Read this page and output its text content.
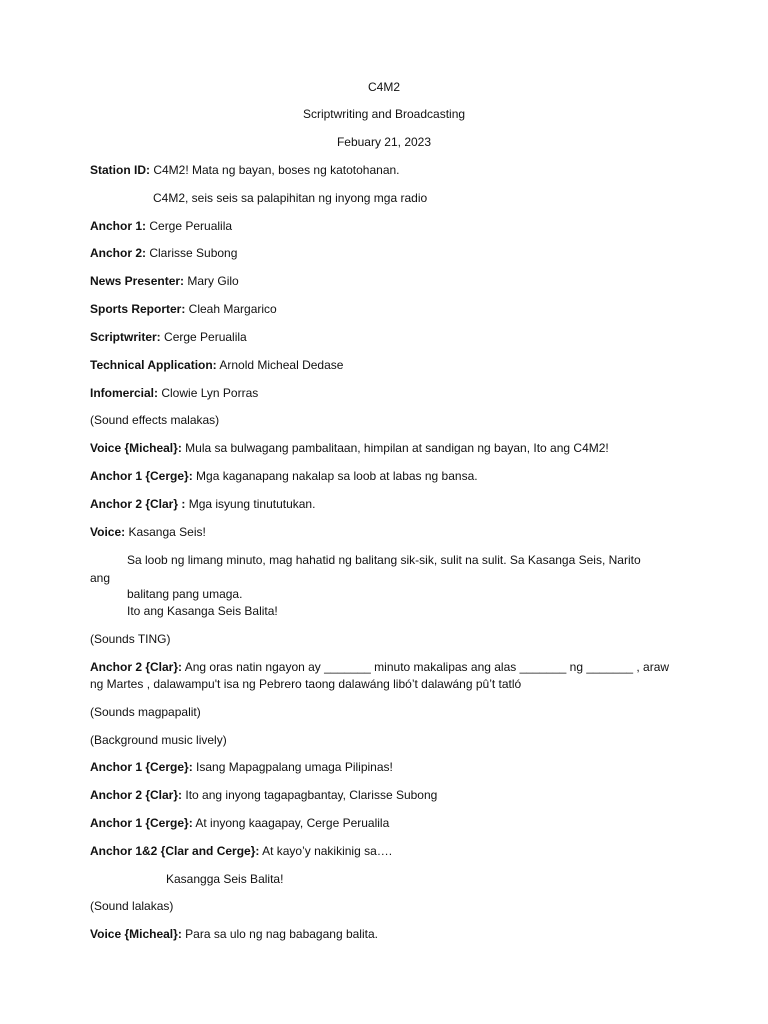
C4M2
Scriptwriting and Broadcasting
Febuary 21, 2023
Station ID: C4M2! Mata ng bayan, boses ng katotohanan.
C4M2, seis seis sa palapihitan ng inyong mga radio
Anchor 1: Cerge Perualila
Anchor 2: Clarisse Subong
News Presenter: Mary Gilo
Sports Reporter: Cleah Margarico
Scriptwriter: Cerge Perualila
Technical Application: Arnold Micheal Dedase
Infomercial: Clowie Lyn Porras
(Sound effects malakas)
Voice {Micheal}: Mula sa bulwagang pambalitaan, himpilan at sandigan ng bayan, Ito ang C4M2!
Anchor 1 {Cerge}: Mga kaganapang nakalap sa loob at labas ng bansa.
Anchor 2 {Clar} : Mga isyung tinututukan.
Voice: Kasanga Seis!
Sa loob ng limang minuto, mag hahatid ng balitang sik-sik, sulit na sulit. Sa Kasanga Seis, Narito
ang
balitang pang umaga.
Ito ang Kasanga Seis Balita!
(Sounds TING)
Anchor 2 {Clar}: Ang oras natin ngayon ay _______ minuto makalipas ang alas _______ ng _______ , araw
ng Martes , dalawampu't isa ng Pebrero taong dalawáng libó’t dalawáng pû’t tatló
(Sounds magpapalit)
(Background music lively)
Anchor 1 {Cerge}: Isang Mapagpalang umaga Pilipinas!
Anchor 2 {Clar}: Ito ang inyong tagapagbantay, Clarisse Subong
Anchor 1 {Cerge}: At inyong kaagapay, Cerge Perualila
Anchor 1&2 {Clar and Cerge}: At kayo’y nakikinig sa….
Kasangga Seis Balita!
(Sound lalakas)
Voice {Micheal}: Para sa ulo ng nag babagang balita.
